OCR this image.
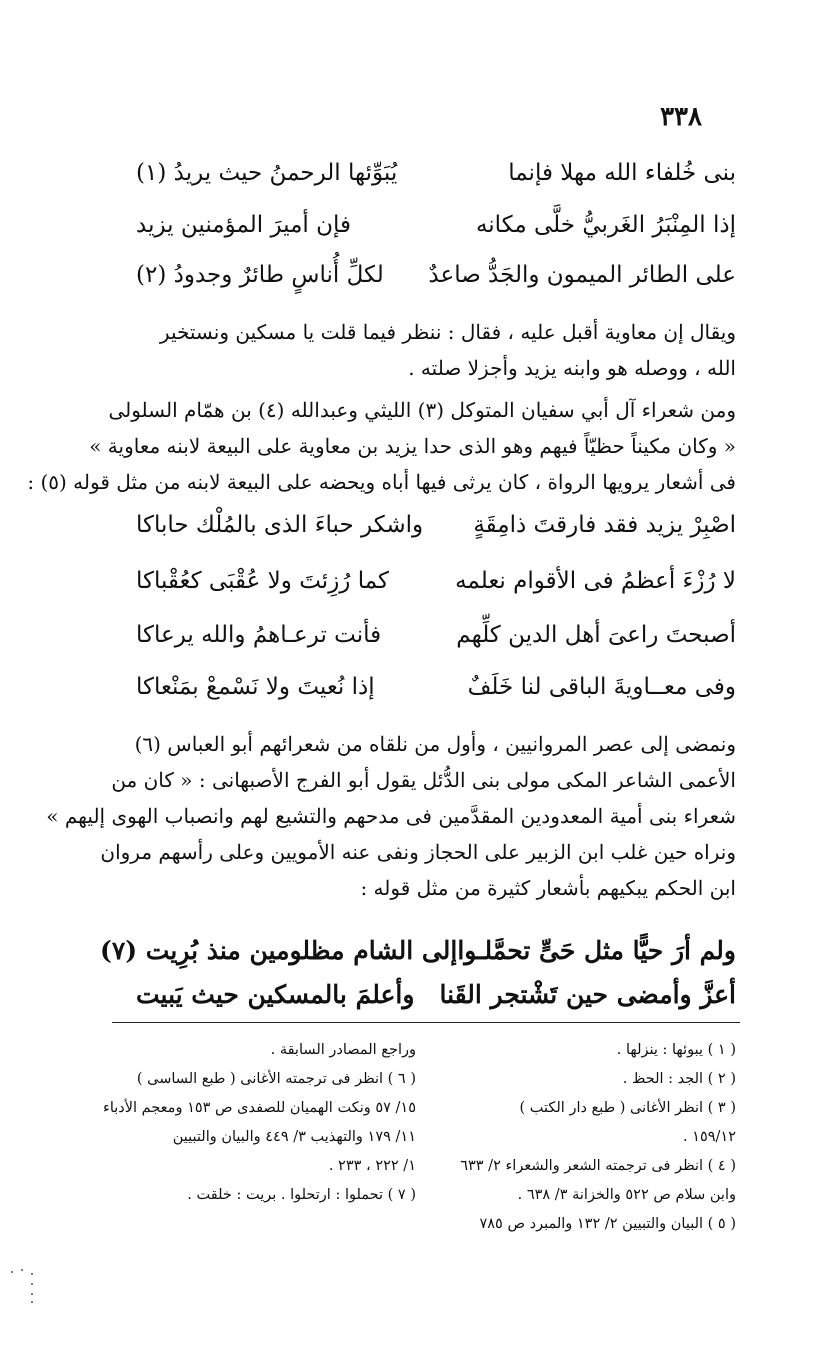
٣٣٨
بنى خُلفاء الله مهلا فإنما
يُبَوِّئها الرحمنُ حيث يريدُ (١)
إذا المِنْبَرُ الغَربيُّ خلَّى مكانه
فإن أميرَ المؤمنين يزيد
على الطائر الميمون والجَدُّ صاعدٌ
لكلِّ أُناسٍ طائرٌ وجدودُ (٢)
ويقال إن معاوية أقبل عليه ، فقال : ننظر فيما قلت يا مسكين ونستخير
الله ، ووصله هو وابنه يزيد وأجزلا صلته .
ومن شعراء آل أبي سفيان المتوكل (٣) الليثي وعبدالله (٤) بن همّام السلولى
« وكان مكيناً حظيّاً فيهم وهو الذى حدا يزيد بن معاوية على البيعة لابنه معاوية »
فى أشعار يرويها الرواة ، كان يرثى فيها أباه ويحضه على البيعة لابنه من مثل قوله (٥) :
اصْبِرْ يزيد فقد فارقتَ ذامِقَةٍ
واشكر حباءَ الذى بالمُلْك حاباكا
لا رُزْءَ أعظمُ فى الأقوام نعلمه
كما رُزِئتَ ولا عُقْبَى كعُقْباكا
أصبحتَ راعىَ أهل الدين كلِّهم
فأنت ترعـاهمُ والله يرعاكا
وفى معــاويةَ الباقى لنا خَلَفٌ
إذا نُعيتَ ولا نَسْمعْ بمَنْعاكا
ونمضى إلى عصر المروانيين ، وأول من نلقاه من شعرائهم أبو العباس (٦)
الأعمى الشاعر المكى مولى بنى الدُّئل يقول أبو الفرج الأصبهانى : « كان من
شعراء بنى أمية المعدودين المقدَّمين فى مدحهم والتشيع لهم وانصباب الهوى إليهم »
ونراه حين غلب ابن الزبير على الحجاز ونفى عنه الأمويين وعلى رأسهم مروان
ابن الحكم يبكيهم بأشعار كثيرة من مثل قوله :
ولم أرَ حيًّا مثل حَىٍّ تحمَّلـوا
إلى الشام مظلومين منذ بُرِيت (٧)
أعزَّ وأمضى حين تَشْتجر القَنا
وأعلمَ بالمسكين حيث يَبيت
( ١ ) يبوئها : ينزلها .
( ٢ ) الجد : الحظ .
( ٣ ) انظر الأغانى ( طبع دار الكتب )
١٥٩/١٢ .
( ٤ ) انظر فى ترجمته الشعر والشعراء ٢/ ٦٣٣
وابن سلام ص ٥٢٢ والخزانة ٣/ ٦٣٨ .
( ٥ ) البيان والتبيين ٢/ ١٣٢ والمبرد ص ٧٨٥
وراجع المصادر السابقة .
( ٦ ) انظر فى ترجمته الأغانى ( طبع الساسى )
١٥/ ٥٧ ونكت الهميان للصفدى ص ١٥٣ ومعجم الأدباء
١١/ ١٧٩ والتهذيب ٣/ ٤٤٩ والبيان والتبيين
١/ ٢٢٢ ، ٢٣٣ .
( ٧ ) تحملوا : ارتحلوا . بريت : خلقت .
